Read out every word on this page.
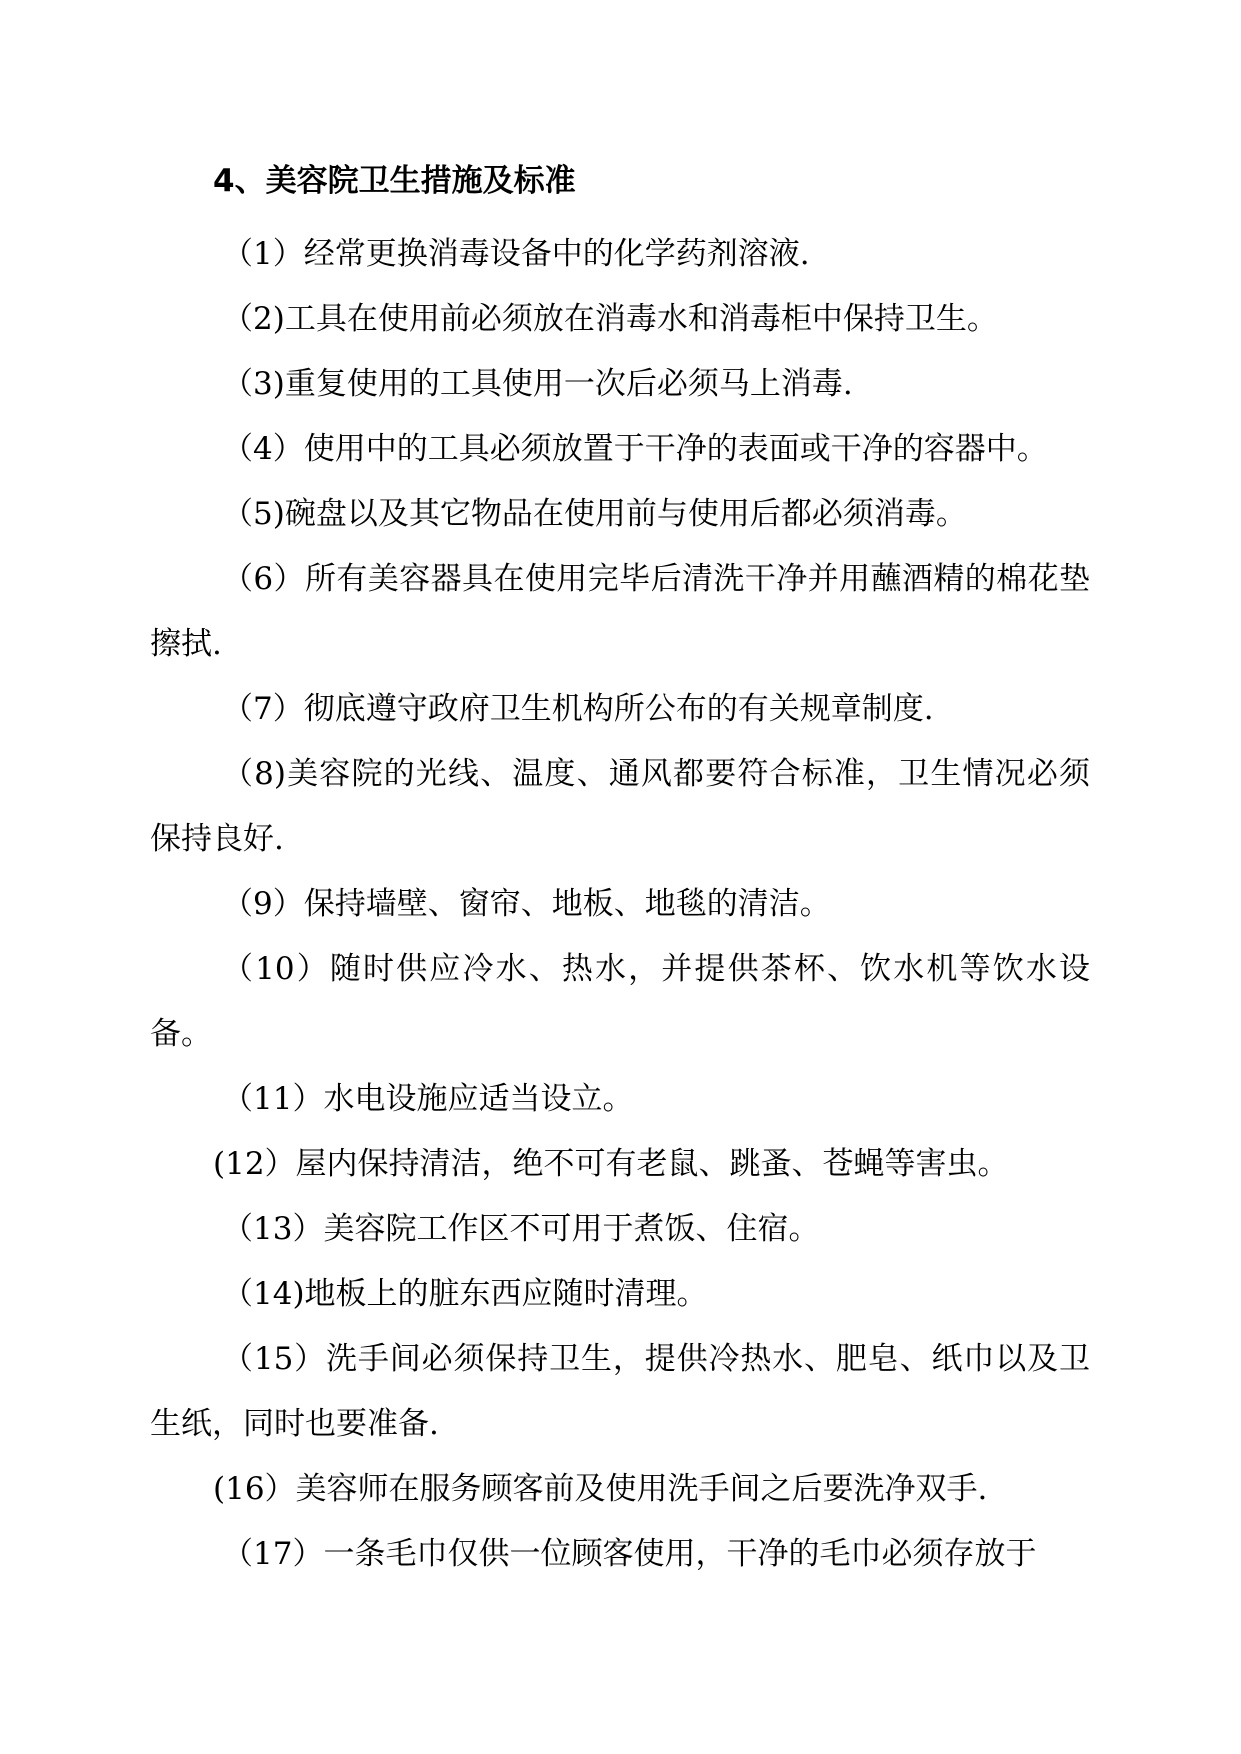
4、美容院卫生措施及标准

（1）经常更换消毒设备中的化学药剂溶液.

（2)工具在使用前必须放在消毒水和消毒柜中保持卫生。

（3)重复使用的工具使用一次后必须马上消毒.

（4）使用中的工具必须放置于干净的表面或干净的容器中。

（5)碗盘以及其它物品在使用前与使用后都必须消毒。

（6）所有美容器具在使用完毕后清洗干净并用蘸酒精的棉花垫擦拭.

（7）彻底遵守政府卫生机构所公布的有关规章制度.

（8)美容院的光线、温度、通风都要符合标准，卫生情况必须保持良好.

（9）保持墙壁、窗帘、地板、地毯的清洁。

（10）随时供应冷水、热水，并提供茶杯、饮水机等饮水设备。

（11）水电设施应适当设立。

(12）屋内保持清洁，绝不可有老鼠、跳蚤、苍蝇等害虫。

（13）美容院工作区不可用于煮饭、住宿。

（14)地板上的脏东西应随时清理。

（15）洗手间必须保持卫生，提供冷热水、肥皂、纸巾以及卫生纸，同时也要准备.

(16）美容师在服务顾客前及使用洗手间之后要洗净双手.

（17）一条毛巾仅供一位顾客使用，干净的毛巾必须存放于
